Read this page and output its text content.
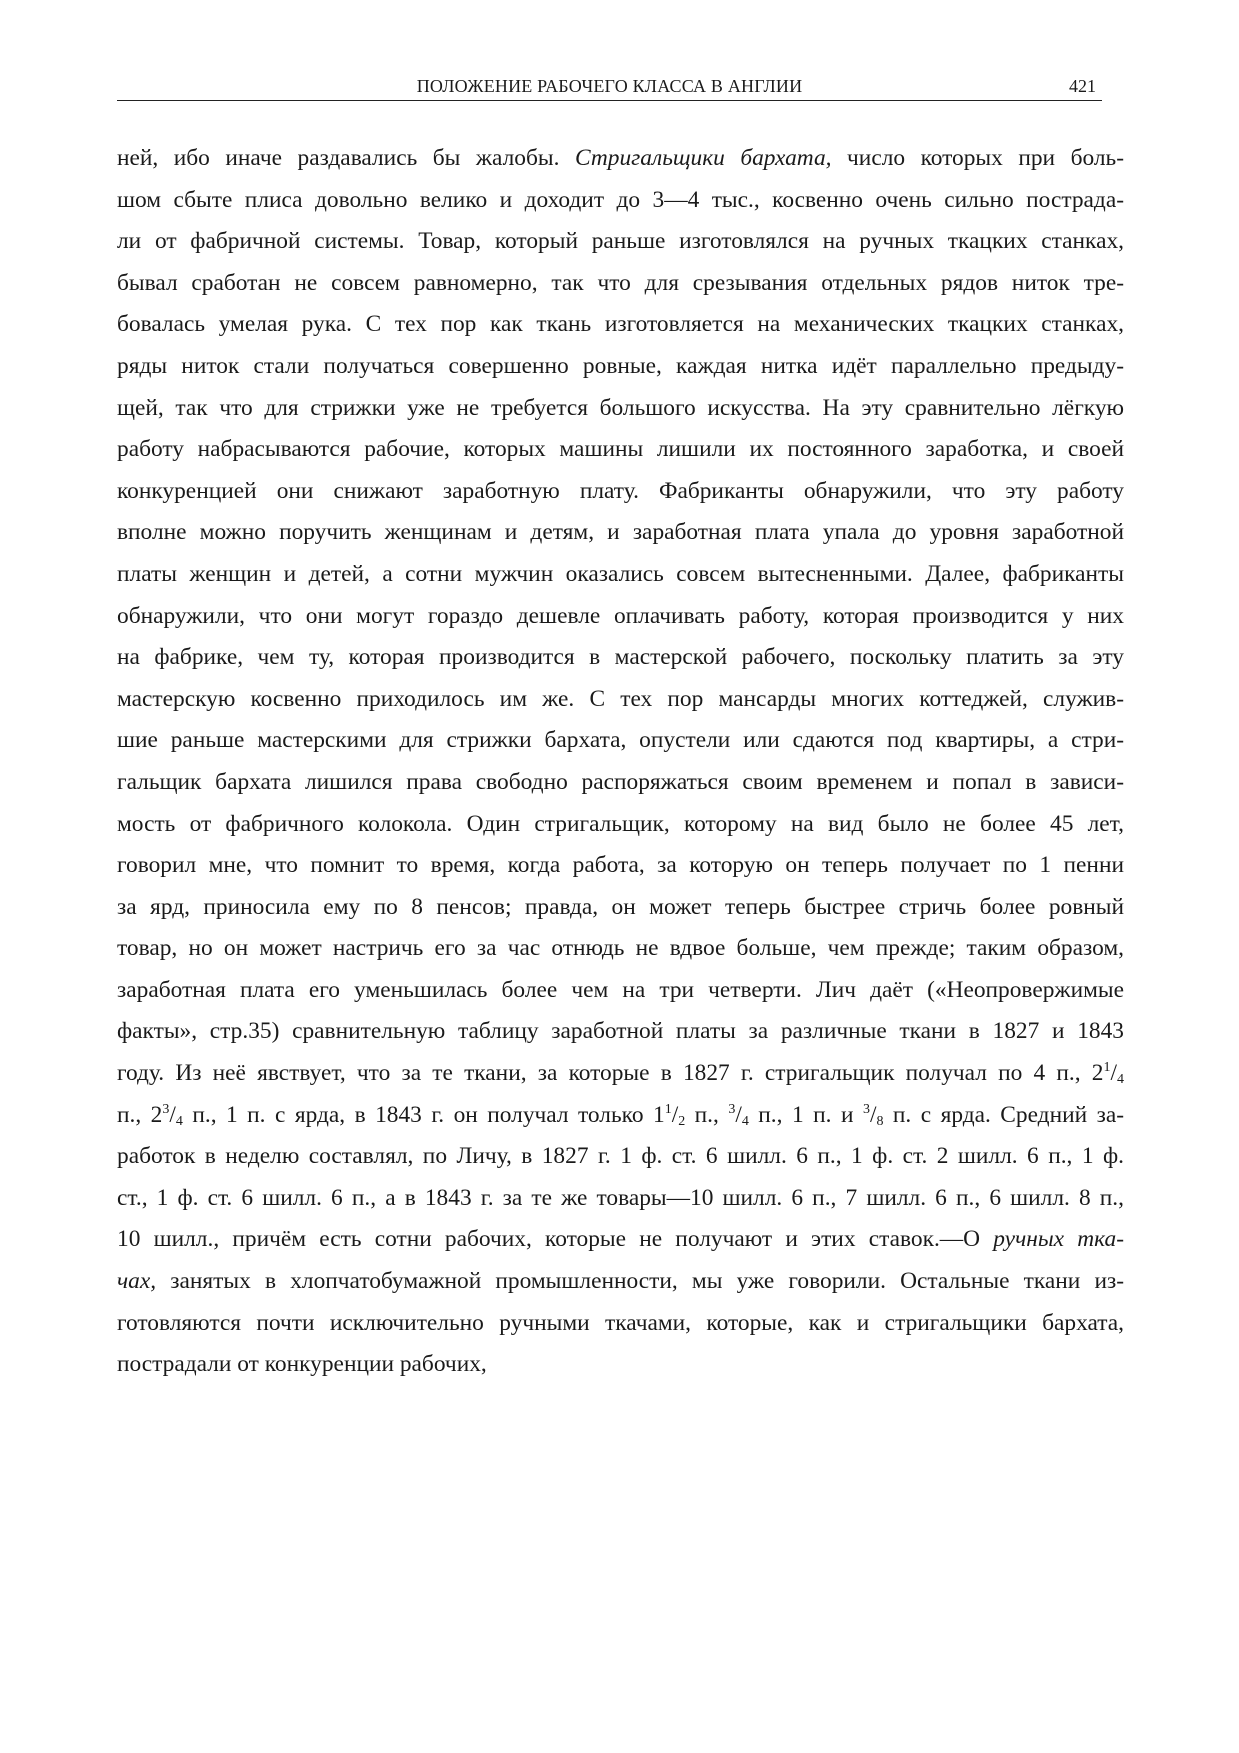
ПОЛОЖЕНИЕ РАБОЧЕГО КЛАССА В АНГЛИИ	421
ней, ибо иначе раздавались бы жалобы. Стригальщики бархата, число которых при боль-
шом сбыте плиса довольно велико и доходит до 3—4 тыс., косвенно очень сильно пострада-
ли от фабричной системы. Товар, который раньше изготовлялся на ручных ткацких станках,
бывал сработан не совсем равномерно, так что для срезывания отдельных рядов ниток тре-
бовалась умелая рука. С тех пор как ткань изготовляется на механических ткацких станках,
ряды ниток стали получаться совершенно ровные, каждая нитка идёт параллельно предыду-
щей, так что для стрижки уже не требуется большого искусства. На эту сравнительно лёгкую
работу набрасываются рабочие, которых машины лишили их постоянного заработка, и своей
конкуренцией они снижают заработную плату. Фабриканты обнаружили, что эту работу
вполне можно поручить женщинам и детям, и заработная плата упала до уровня заработной
платы женщин и детей, а сотни мужчин оказались совсем вытесненными. Далее, фабриканты
обнаружили, что они могут гораздо дешевле оплачивать работу, которая производится у них
на фабрике, чем ту, которая производится в мастерской рабочего, поскольку платить за эту
мастерскую косвенно приходилось им же. С тех пор мансарды многих коттеджей, служив-
шие раньше мастерскими для стрижки бархата, опустели или сдаются под квартиры, а стри-
гальщик бархата лишился права свободно распоряжаться своим временем и попал в зависи-
мость от фабричного колокола. Один стригальщик, которому на вид было не более 45 лет,
говорил мне, что помнит то время, когда работа, за которую он теперь получает по 1 пенни
за ярд, приносила ему по 8 пенсов; правда, он может теперь быстрее стричь более ровный
товар, но он может настричь его за час отнюдь не вдвое больше, чем прежде; таким образом,
заработная плата его уменьшилась более чем на три четверти. Лич даёт («Неопровержимые
факты», стр.35) сравнительную таблицу заработной платы за различные ткани в 1827 и 1843
году. Из неё явствует, что за те ткани, за которые в 1827 г. стригальщик получал по 4 п., $2^1/_4$
п., $2^3/_4$ п., 1 п. с ярда, в 1843 г. он получал только $1^1/_2$ п., $^3/_4$ п., 1 п. и $^3/_8$ п. с ярда. Средний за-
работок в неделю составлял, по Личу, в 1827 г. 1 ф. ст. 6 шилл. 6 п., 1 ф. ст. 2 шилл. 6 п., 1 ф.
ст., 1 ф. ст. 6 шилл. 6 п., а в 1843 г. за те же товары—10 шилл. 6 п., 7 шилл. 6 п., 6 шилл. 8 п.,
10 шилл., причём есть сотни рабочих, которые не получают и этих ставок.—О ручных тка-
чах, занятых в хлопчатобумажной промышленности, мы уже говорили. Остальные ткани из-
готовляются почти исключительно ручными ткачами, которые, как и стригальщики бархата,
пострадали от конкуренции рабочих,
